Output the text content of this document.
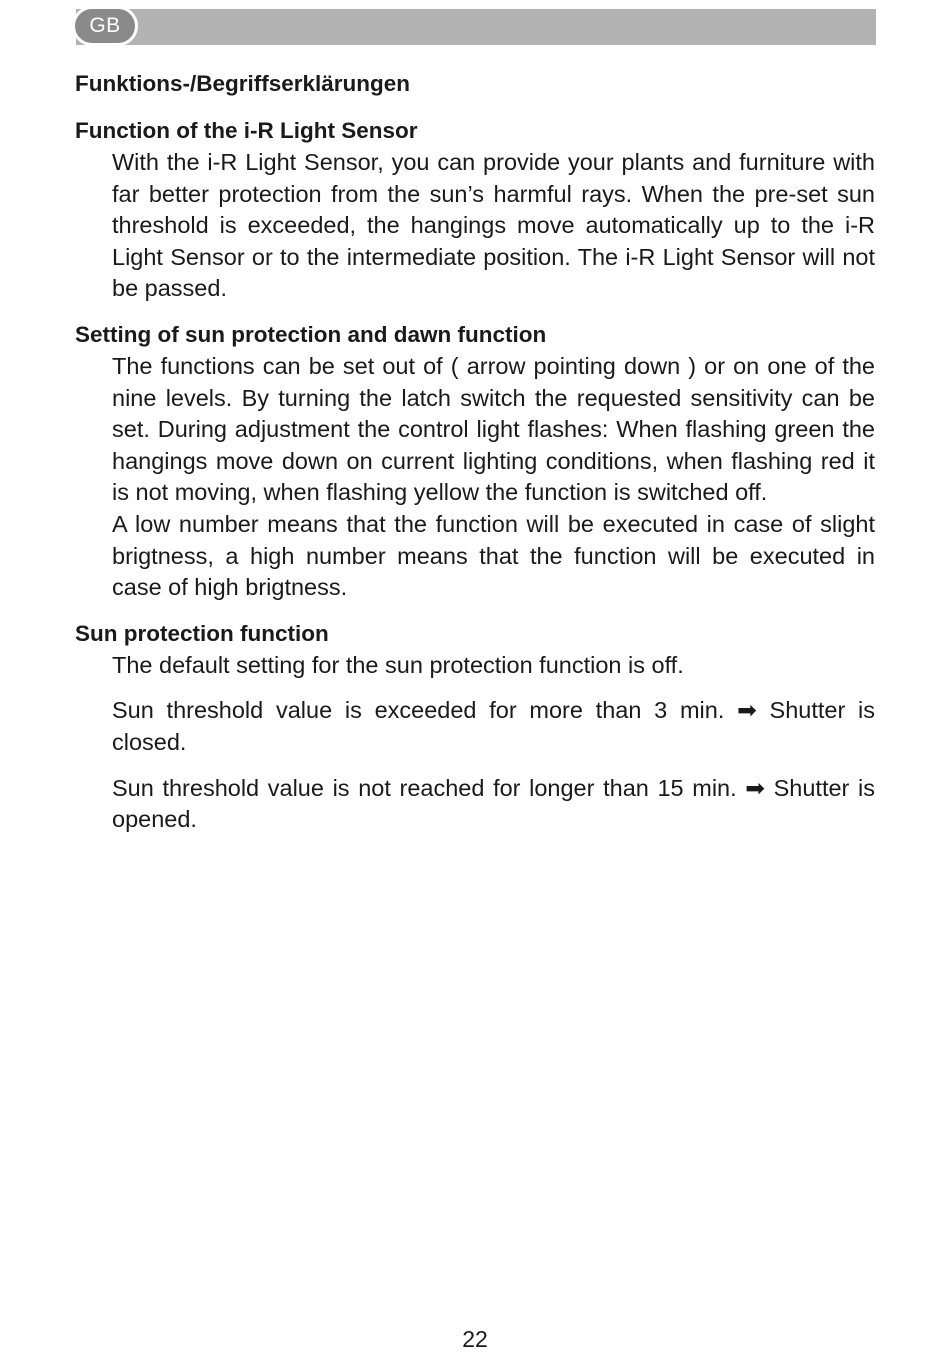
GB
Funktions-/Begriffserklärungen
Function of the i-R Light Sensor

With the i-R Light Sensor, you can provide your plants and furniture with far better protection from the sun’s harmful rays. When the pre-set sun threshold is exceeded, the hangings move automatically up to the i-R Light Sensor or to the intermediate position. The i-R Light Sensor will not be passed.

Setting of sun protection and dawn function

The functions can be set out of ( arrow pointing down ) or on one of the nine levels. By turning the latch switch the requested sensitivity can be set. During adjustment the control light flashes: When flashing green the hangings move down on current lighting conditions, when flashing red it is not moving, when flashing yellow the function is switched off.

A low number means that the function will be executed in case of slight brigtness, a high number means that the function will be executed in case of high brigtness.

Sun protection function

The default setting for the sun protection function is off.

Sun threshold value is exceeded for more than 3 min. ➡ Shutter is closed.

Sun threshold value is not reached for longer than 15 min. ➡ Shutter is opened.

22
